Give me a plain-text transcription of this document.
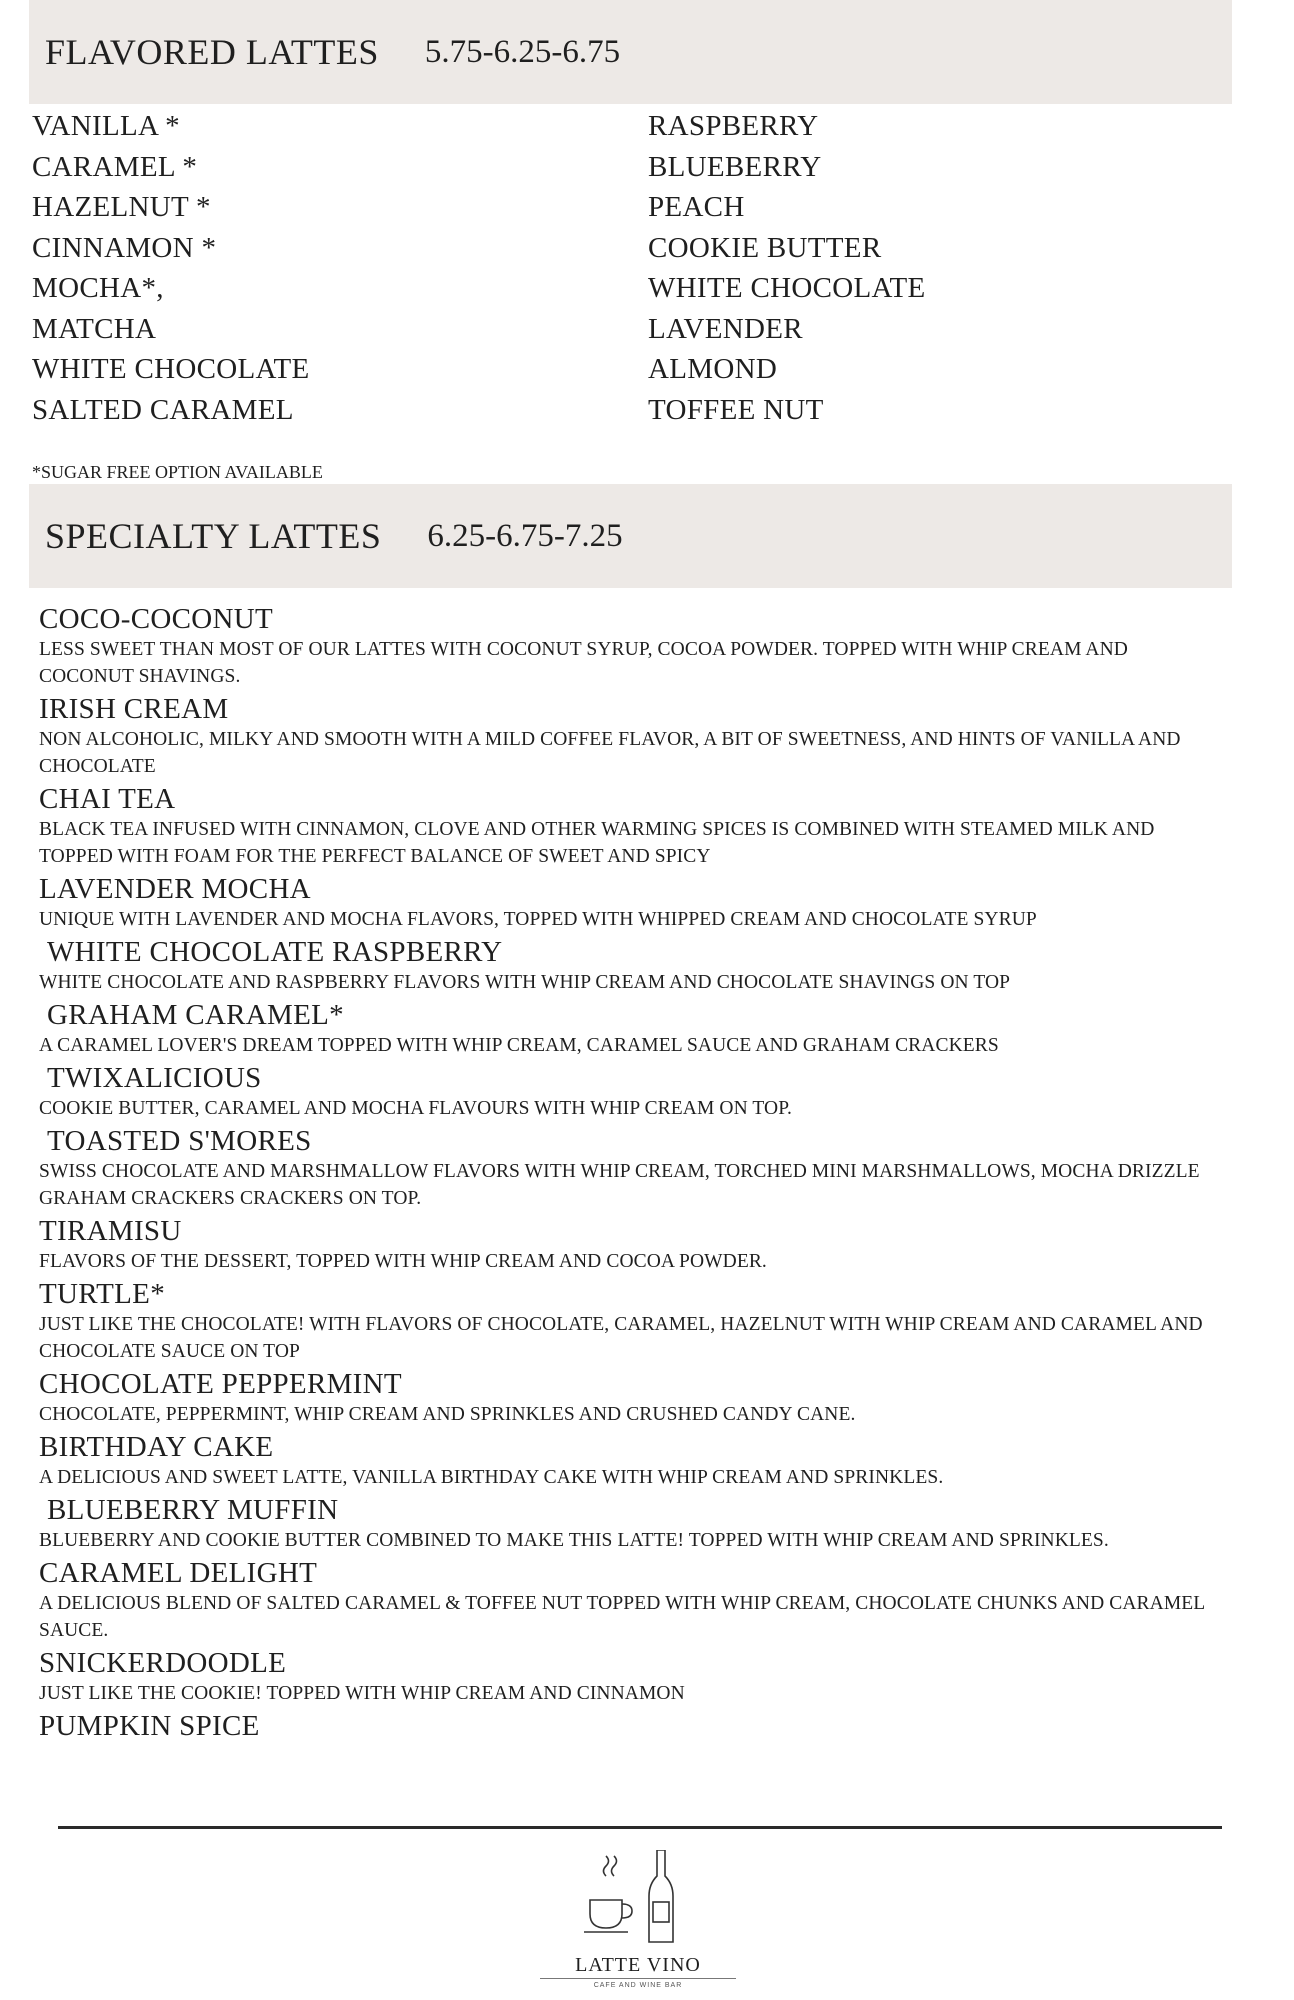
FLAVORED LATTES 5.75-6.25-6.75
VANILLA *
CARAMEL *
HAZELNUT *
CINNAMON *
MOCHA*,
MATCHA
WHITE CHOCOLATE
SALTED CARAMEL
RASPBERRY
BLUEBERRY
PEACH
COOKIE BUTTER
WHITE CHOCOLATE
LAVENDER
ALMOND
TOFFEE NUT
*SUGAR FREE OPTION AVAILABLE
SPECIALTY LATTES 6.25-6.75-7.25
COCO-COCONUT
LESS SWEET THAN MOST OF OUR LATTES WITH COCONUT SYRUP, COCOA POWDER. TOPPED WITH WHIP CREAM AND COCONUT SHAVINGS.
IRISH CREAM
NON ALCOHOLIC, MILKY AND SMOOTH WITH A MILD COFFEE FLAVOR, A BIT OF SWEETNESS, AND HINTS OF VANILLA AND CHOCOLATE
CHAI TEA
BLACK TEA INFUSED WITH CINNAMON, CLOVE AND OTHER WARMING SPICES IS COMBINED WITH STEAMED MILK AND TOPPED WITH FOAM FOR THE PERFECT BALANCE OF SWEET AND SPICY
LAVENDER MOCHA
UNIQUE WITH LAVENDER AND MOCHA FLAVORS, TOPPED WITH WHIPPED CREAM AND CHOCOLATE SYRUP
WHITE CHOCOLATE RASPBERRY
WHITE CHOCOLATE AND RASPBERRY FLAVORS WITH WHIP CREAM AND CHOCOLATE SHAVINGS ON TOP
GRAHAM CARAMEL*
A CARAMEL LOVER'S DREAM TOPPED WITH WHIP CREAM, CARAMEL SAUCE AND GRAHAM CRACKERS
TWIXALICIOUS
COOKIE BUTTER, CARAMEL AND MOCHA FLAVOURS WITH WHIP CREAM ON TOP.
TOASTED S'MORES
SWISS CHOCOLATE AND MARSHMALLOW FLAVORS WITH WHIP CREAM, TORCHED MINI MARSHMALLOWS, MOCHA DRIZZLE GRAHAM CRACKERS CRACKERS ON TOP.
TIRAMISU
FLAVORS OF THE DESSERT, TOPPED WITH WHIP CREAM AND COCOA POWDER.
TURTLE*
JUST LIKE THE CHOCOLATE! WITH FLAVORS OF CHOCOLATE, CARAMEL, HAZELNUT WITH WHIP CREAM AND CARAMEL AND CHOCOLATE SAUCE ON TOP
CHOCOLATE PEPPERMINT
CHOCOLATE, PEPPERMINT, WHIP CREAM AND SPRINKLES AND CRUSHED CANDY CANE.
BIRTHDAY CAKE
A DELICIOUS AND SWEET LATTE, VANILLA BIRTHDAY CAKE WITH WHIP CREAM AND SPRINKLES.
BLUEBERRY MUFFIN
BLUEBERRY AND COOKIE BUTTER COMBINED TO MAKE THIS LATTE! TOPPED WITH WHIP CREAM AND SPRINKLES.
CARAMEL DELIGHT
A DELICIOUS BLEND OF SALTED CARAMEL & TOFFEE NUT TOPPED WITH WHIP CREAM, CHOCOLATE CHUNKS AND CARAMEL SAUCE.
SNICKERDOODLE
JUST LIKE THE COOKIE! TOPPED WITH WHIP CREAM AND CINNAMON
PUMPKIN SPICE
LATTE VINO
CAFE AND WINE BAR
